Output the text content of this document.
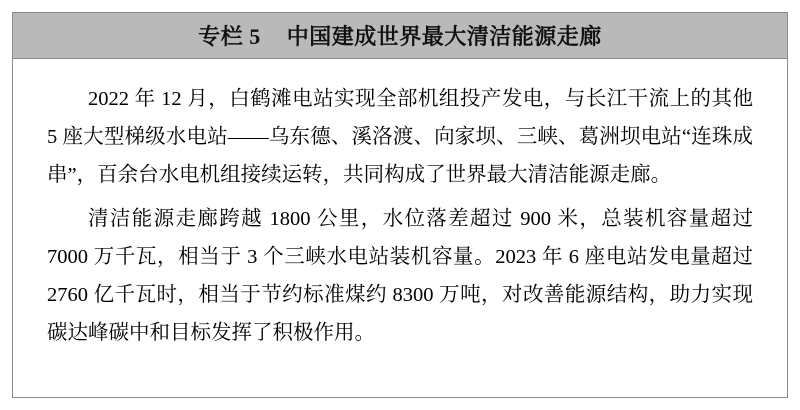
专栏 5 中国建成世界最大清洁能源走廊

2022 年 12 月，白鹤滩电站实现全部机组投产发电，与长江干流上的其他 5 座大型梯级水电站——乌东德、溪洛渡、向家坝、三峡、葛洲坝电站“连珠成串”，百余台水电机组接续运转，共同构成了世界最大清洁能源走廊。

清洁能源走廊跨越 1800 公里，水位落差超过 900 米，总装机容量超过 7000 万千瓦，相当于 3 个三峡水电站装机容量。2023 年 6 座电站发电量超过 2760 亿千瓦时，相当于节约标准煤约 8300 万吨，对改善能源结构，助力实现碳达峰碳中和目标发挥了积极作用。
